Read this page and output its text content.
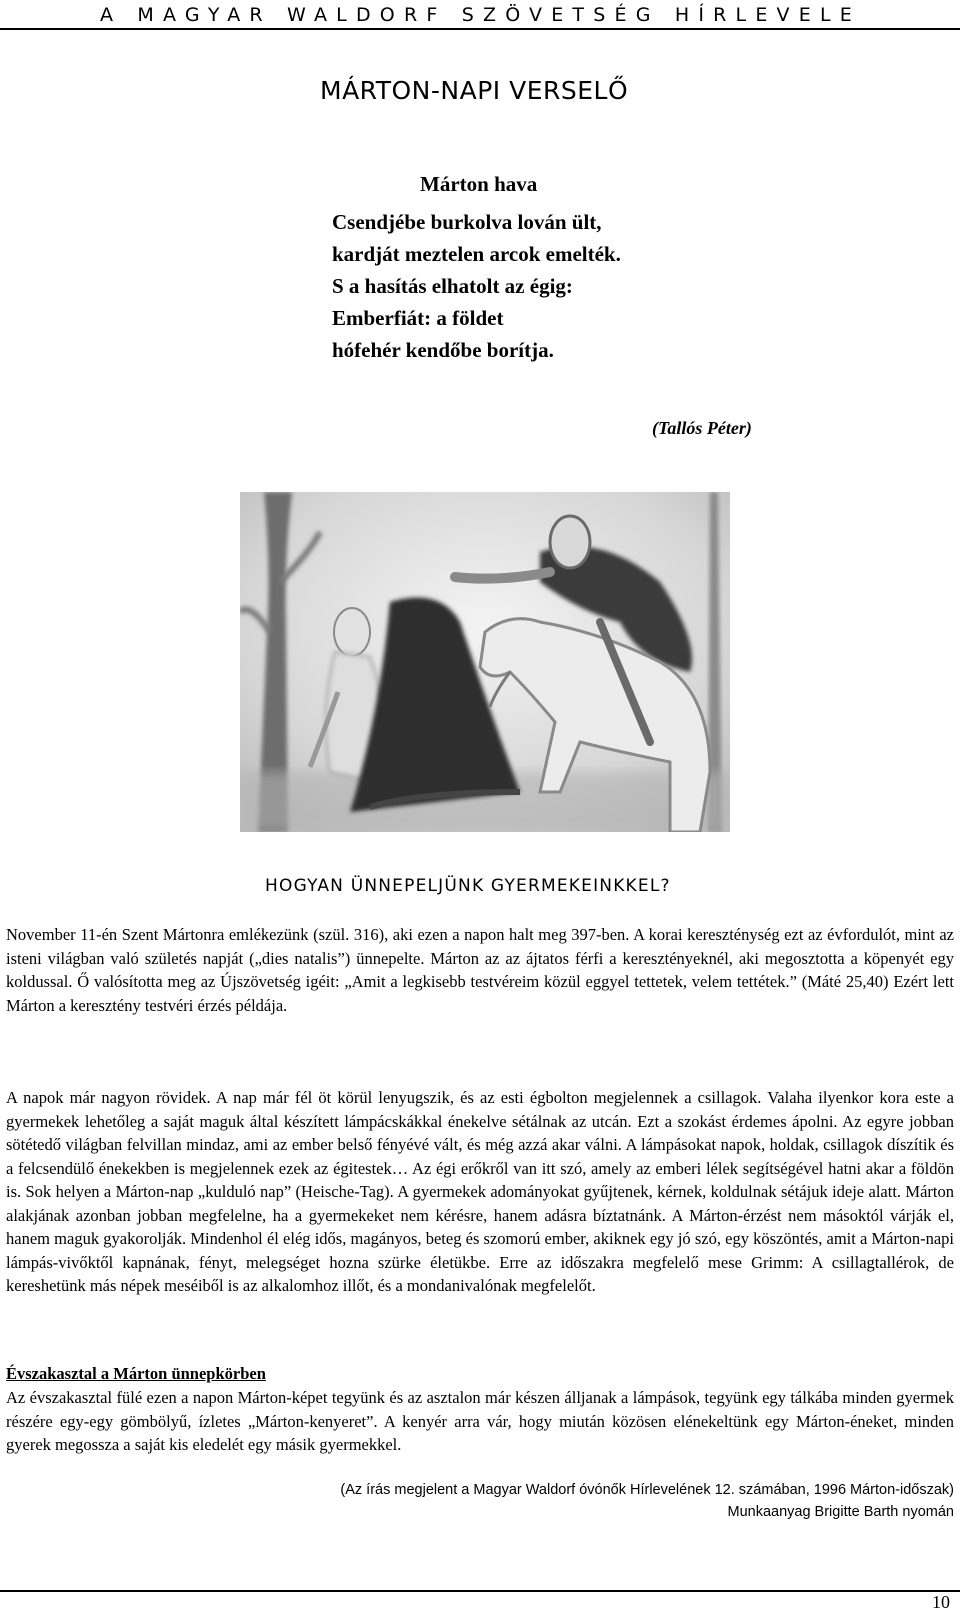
A MAGYAR WALDORF SZÖVETSÉG HÍRLEVELE
MÁRTON-NAPI VERSELŐ
Márton hava
Csendjébe burkolva lován ült,
kardját meztelen arcok emelték.
S a hasítás elhatolt az égig:
Emberfiát: a földet
hófehér kendőbe borítja.
(Tallós Péter)
HOGYAN ÜNNEPELJÜNK GYERMEKEINKKEL?

November 11-én Szent Mártonra emlékezünk (szül. 316), aki ezen a napon halt meg 397-ben. A korai kereszténység ezt az évfordulót, mint az isteni világban való születés napját („dies natalis”) ünnepelte. Márton az az ájtatos férfi a keresztényeknél, aki megosztotta a köpenyét egy koldussal. Ő valósította meg az Újszövetség igéit: „Amit a legkisebb testvéreim közül eggyel tettetek, velem tettétek.” (Máté 25,40) Ezért lett Márton a keresztény testvéri érzés példája.

A napok már nagyon rövidek. A nap már fél öt körül lenyugszik, és az esti égbolton megjelennek a csillagok. Valaha ilyenkor kora este a gyermekek lehetőleg a saját maguk által készített lámpácskákkal énekelve sétálnak az utcán. Ezt a szokást érdemes ápolni. Az egyre jobban sötétedő világban felvillan mindaz, ami az ember belső fényévé vált, és még azzá akar válni. A lámpásokat napok, holdak, csillagok díszítik és a felcsendülő énekekben is megjelennek ezek az égitestek… Az égi erőkről van itt szó, amely az emberi lélek segítségével hatni akar a földön is. Sok helyen a Márton-nap „kulduló nap” (Heische-Tag). A gyermekek adományokat gyűjtenek, kérnek, koldulnak sétájuk ideje alatt. Márton alakjának azonban jobban megfelelne, ha a gyermekeket nem kérésre, hanem adásra bíztatnánk. A Márton-érzést nem másoktól várják el, hanem maguk gyakorolják. Mindenhol él elég idős, magányos, beteg és szomorú ember, akiknek egy jó szó, egy köszöntés, amit a Márton-napi lámpás-vivőktől kapnának, fényt, melegséget hozna szürke életükbe. Erre az időszakra megfelelő mese Grimm: A csillagtallérok, de kereshetünk más népek meséiből is az alkalomhoz illőt, és a mondanivalónak megfelelőt.

Évszakasztal a Márton ünnepkörben

Az évszakasztal fülé ezen a napon Márton-képet tegyünk és az asztalon már készen álljanak a lámpások, tegyünk egy tálkába minden gyermek részére egy-egy gömbölyű, ízletes „Márton-kenyeret”. A kenyér arra vár, hogy miután közösen elénekeltünk egy Márton-éneket, minden gyerek megossza a saját kis eledelét egy másik gyermekkel.

(Az írás megjelent a Magyar Waldorf óvónők Hírlevelének 12. számában, 1996 Márton-időszak)
Munkaanyag Brigitte Barth nyomán
10
